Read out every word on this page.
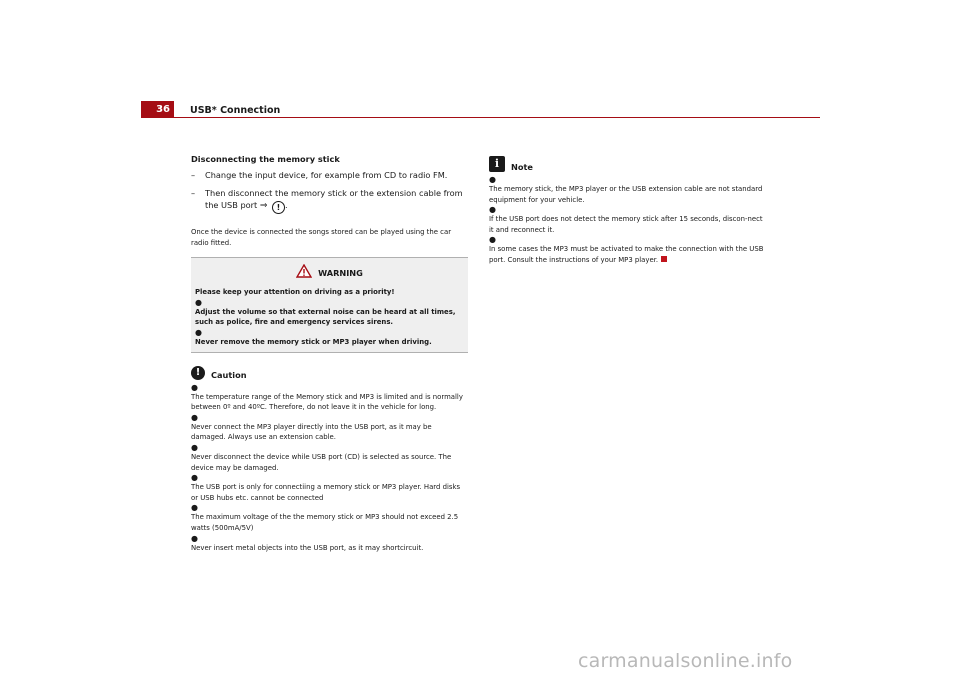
36	USB* Connection
Disconnecting the memory stick
–	Change the input device, for example from CD to radio FM.
–	Then disconnect the memory stick or the extension cable from the USB port ⇒ ! .

Once the device is connected the songs stored can be played using the car radio fitted.

WARNING
Please keep your attention on driving as a priority!
●
Adjust the volume so that external noise can be heard at all times, such as police, fire and emergency services sirens.
●
Never remove the memory stick or MP3 player when driving.
!	Caution
●
The temperature range of the Memory stick and MP3 is limited and is normally between 0º and 40ºC. Therefore, do not leave it in the vehicle for long.
●
Never connect the MP3 player directly into the USB port, as it may be damaged. Always use an extension cable.
●
Never disconnect the device while USB port (CD) is selected as source. The device may be damaged.
●
The USB port is only for connectiing a memory stick or MP3 player. Hard disks or USB hubs etc. cannot be connected
●
The maximum voltage of the the memory stick or MP3 should not exceed 2.5 watts (500mA/5V)
●
Never insert metal objects into the USB port, as it may shortcircuit.
i	Note
●
The memory stick, the MP3 player or the USB extension cable are not standard equipment for your vehicle.
●
If the USB port does not detect the memory stick after 15 seconds, discon-nect it and reconnect it.
●
In some cases the MP3 must be activated to make the connection with the USB port. Consult the instructions of your MP3 player.
carmanualsonline.info
